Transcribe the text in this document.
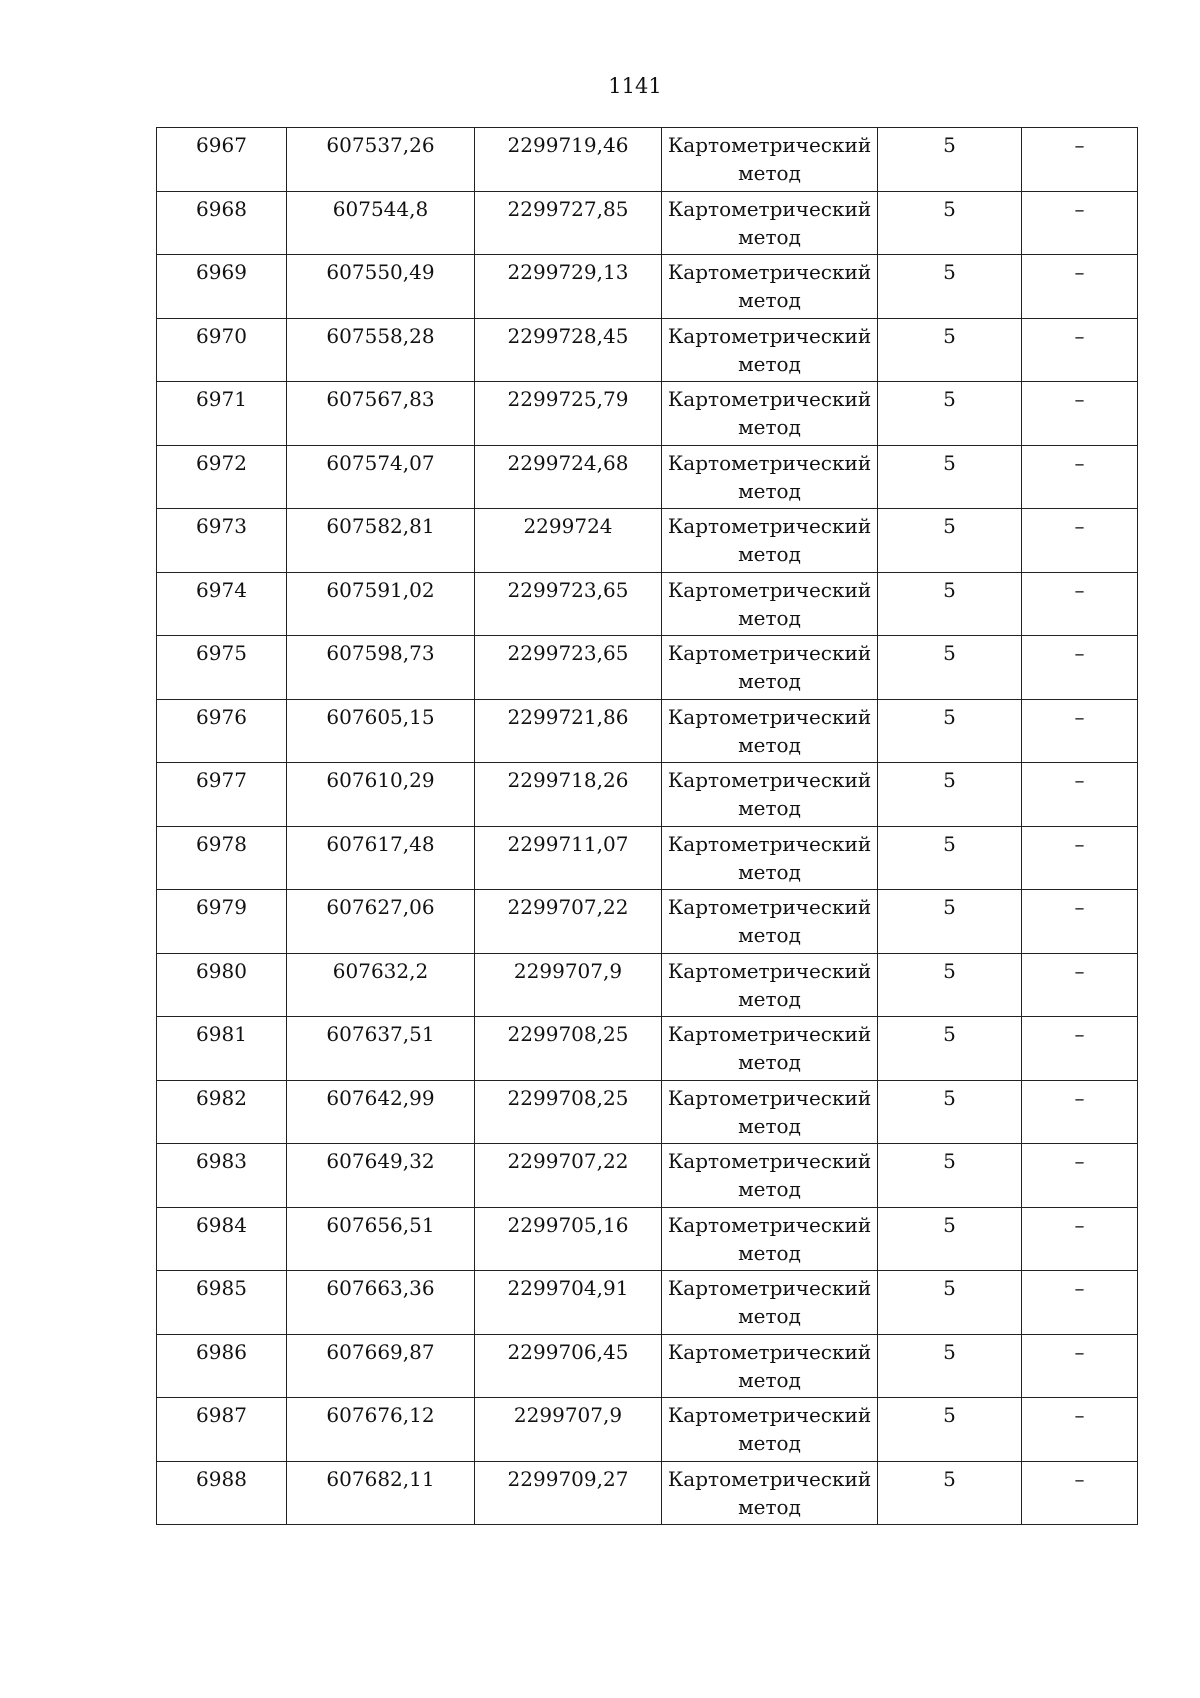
1141
6967	607537,26	2299719,46	Картометрический метод	5	–
6968	607544,8	2299727,85	Картометрический метод	5	–
6969	607550,49	2299729,13	Картометрический метод	5	–
6970	607558,28	2299728,45	Картометрический метод	5	–
6971	607567,83	2299725,79	Картометрический метод	5	–
6972	607574,07	2299724,68	Картометрический метод	5	–
6973	607582,81	2299724	Картометрический метод	5	–
6974	607591,02	2299723,65	Картометрический метод	5	–
6975	607598,73	2299723,65	Картометрический метод	5	–
6976	607605,15	2299721,86	Картометрический метод	5	–
6977	607610,29	2299718,26	Картометрический метод	5	–
6978	607617,48	2299711,07	Картометрический метод	5	–
6979	607627,06	2299707,22	Картометрический метод	5	–
6980	607632,2	2299707,9	Картометрический метод	5	–
6981	607637,51	2299708,25	Картометрический метод	5	–
6982	607642,99	2299708,25	Картометрический метод	5	–
6983	607649,32	2299707,22	Картометрический метод	5	–
6984	607656,51	2299705,16	Картометрический метод	5	–
6985	607663,36	2299704,91	Картометрический метод	5	–
6986	607669,87	2299706,45	Картометрический метод	5	–
6987	607676,12	2299707,9	Картометрический метод	5	–
6988	607682,11	2299709,27	Картометрический метод	5	–
